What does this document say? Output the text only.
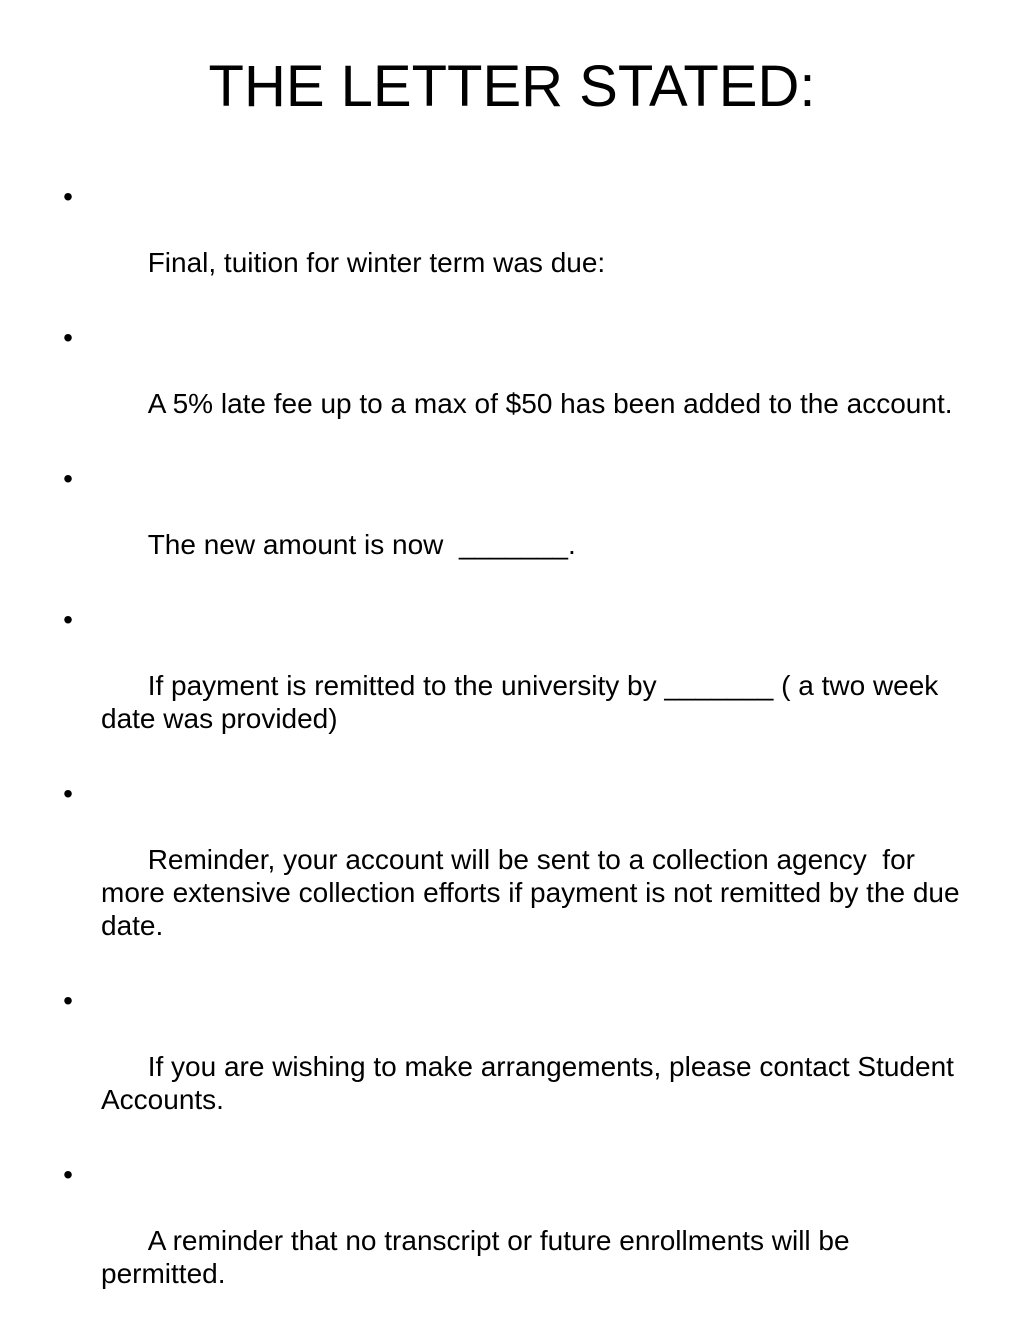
THE LETTER STATED:

•

Final, tuition for winter term was due:

•

A 5% late fee up to a max of $50 has been added to the account.

•

The new amount is now  _______.

•

If payment is remitted to the university by _______ ( a two week date was provided)

•

Reminder, your account will be sent to a collection agency  for more extensive collection efforts if payment is not remitted by the due date.

•

If you are wishing to make arrangements, please contact Student Accounts.

•

A reminder that no transcript or future enrollments will be permitted.
